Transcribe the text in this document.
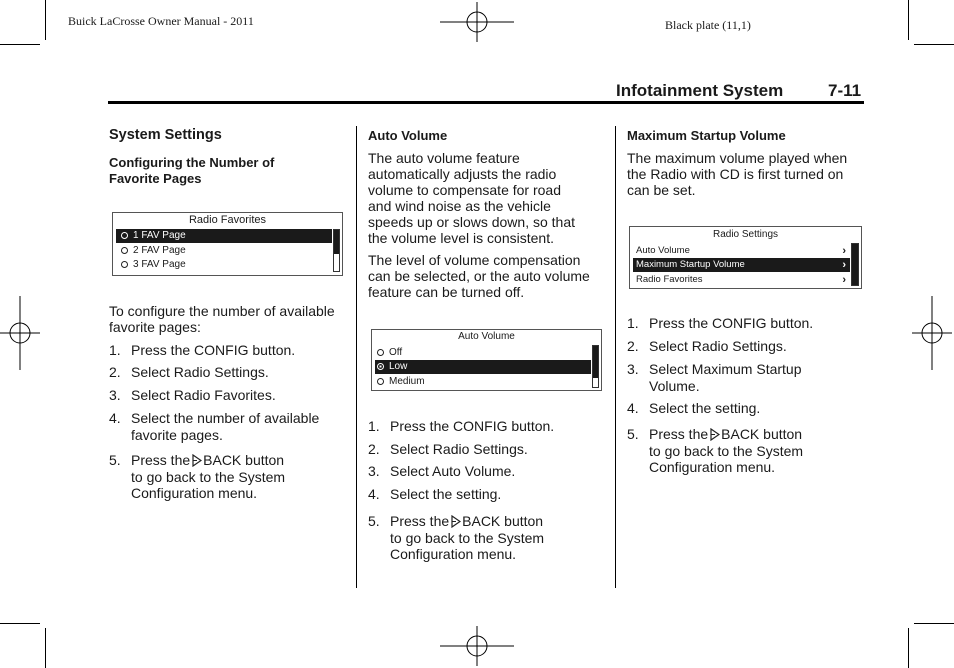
Buick LaCrosse Owner Manual - 2011	Black plate (11,1)
Infotainment System	7-11
System Settings
Configuring the Number of Favorite Pages
Radio Favorites
1 FAV Page
2 FAV Page
3 FAV Page
To configure the number of available favorite pages:
1. Press the CONFIG button.
2. Select Radio Settings.
3. Select Radio Favorites.
4. Select the number of available
favorite pages.
5. Press the BACK button
to go back to the System
Configuration menu.
Auto Volume
The auto volume feature
automatically adjusts the radio
volume to compensate for road
and wind noise as the vehicle
speeds up or slows down, so that
the volume level is consistent.
The level of volume compensation
can be selected, or the auto volume
feature can be turned off.
Auto Volume
Off
Low
Medium
1. Press the CONFIG button.
2. Select Radio Settings.
3. Select Auto Volume.
4. Select the setting.
5. Press the BACK button
to go back to the System
Configuration menu.
Maximum Startup Volume
The maximum volume played when
the Radio with CD is first turned on
can be set.
Radio Settings
Auto Volume	›
Maximum Startup Volume	›
Radio Favorites	›
1. Press the CONFIG button.
2. Select Radio Settings.
3. Select Maximum Startup
Volume.
4. Select the setting.
5. Press the BACK button
to go back to the System
Configuration menu.
